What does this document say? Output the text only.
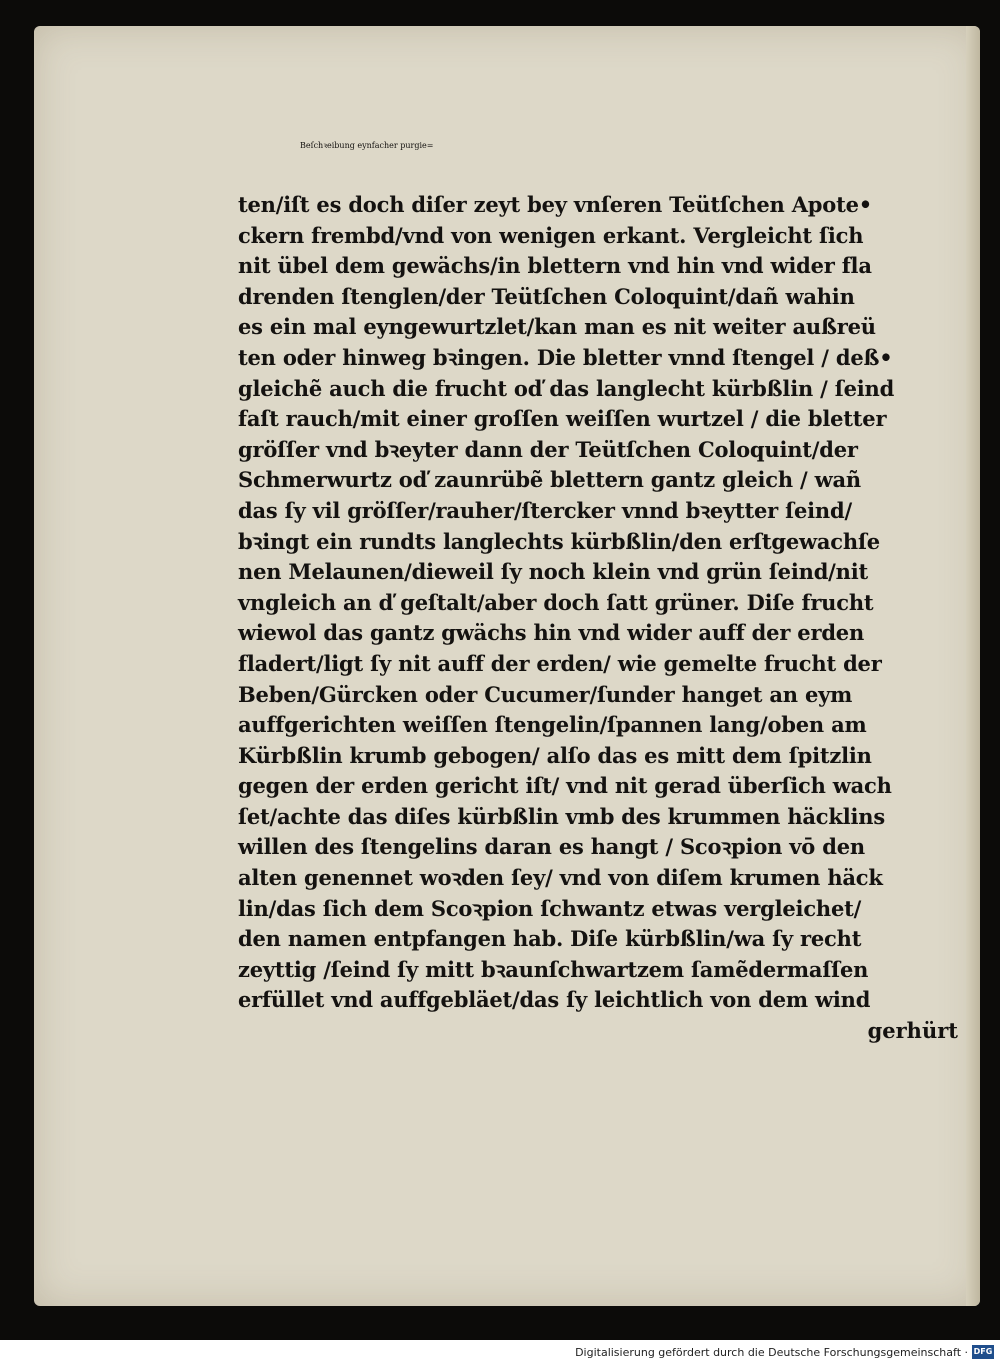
Beſchꝛeibung eynfacher purgie=
ten/iſt es doch diſer zeyt bey vnſeren Teütſchen Apote•
ckern frembd/vnd von wenigen erkant. Vergleicht ſich
nit übel dem gewächs/in blettern vnd hin vnd wider fla
drenden ſtenglen/der Teütſchen Coloquint/dañ wahin
es ein mal eyngewurtzlet/kan man es nit weiter außreü
ten oder hinweg bꝛingen. Die bletter vnnd ſtengel / deß•
gleichẽ auch die frucht oď das langlecht kürbßlin / ſeind
faſt rauch/mit einer groſſen weiſſen wurtzel / die bletter
gröſſer vnd bꝛeyter dann der Teütſchen Coloquint/der
Schmerwurtz oď zaunrübẽ blettern gantz gleich / wañ
das ſy vil gröſſer/rauher/ſtercker vnnd bꝛeytter ſeind/
bꝛingt ein rundts langlechts kürbßlin/den erſtgewachſe
nen Melaunen/dieweil ſy noch klein vnd grün ſeind/nit
vngleich an ď geſtalt/aber doch ſatt grüner. Diſe frucht
wiewol das gantz gwächs hin vnd wider auff der erden
fladert/ligt ſy nit auff der erden/ wie gemelte frucht der
Beben/Gürcken oder Cucumer/ſunder hanget an eym
auffgerichten weiſſen ſtengelin/ſpannen lang/oben am
Kürbßlin krumb gebogen/ alſo das es mitt dem ſpitzlin
gegen der erden gericht iſt/ vnd nit gerad überſich wach
ſet/achte das diſes kürbßlin vmb des krummen häcklins
willen des ſtengelins daran es hangt / Scoꝛpion vō den
alten genennet woꝛden ſey/ vnd von diſem krumen häck
lin/das ſich dem Scoꝛpion ſchwantz etwas vergleichet/
den namen entpfangen hab. Diſe kürbßlin/wa ſy recht
zeyttig /ſeind ſy mitt bꝛaunſchwartzem ſamẽdermaſſen
erfüllet vnd auffgebläet/das ſy leichtlich von dem wind
gerhürt
Digitalisierung gefördert durch die Deutsche Forschungsgemeinschaft · DFG
